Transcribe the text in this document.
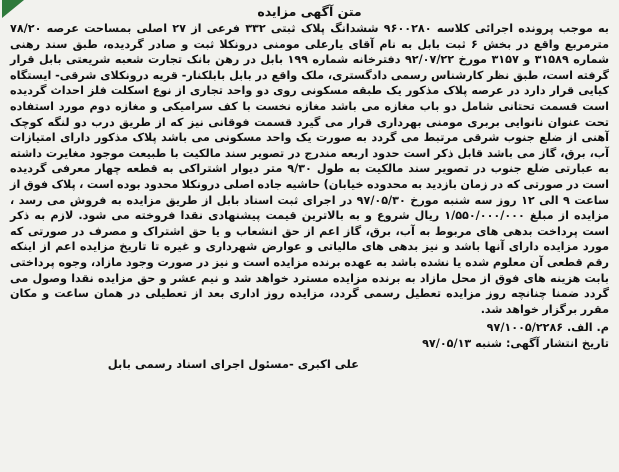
متن آگهی مزایده

به موجب پرونده اجرائی کلاسه ۹۶۰۰۲۸۰ ششدانگ پلاک ثبتی ۳۳۲ فرعی از ۲۷ اصلی بمساحت عرصه ۷۸/۲۰ مترمربع واقع در بخش ۶ ثبت بابل به نام آقای یارعلی مومنی درونکلا ثبت و صادر گردیده، طبق سند رهنی شماره ۳۱۵۸۹ و ۳۱۵۷ مورخ ۹۲/۰۷/۲۲ دفترخانه شماره ۱۹۹ بابل در رهن بانک تجارت شعبه شریعتی بابل قرار گرفته است، طبق نظر کارشناس رسمی دادگستری، ملک واقع در بابل بابلکنار- قریه درونکلای شرقی- ایستگاه کیایی قرار دارد در عرصه پلاک مذکور یک طبقه مسکونی روی دو واحد تجاری از نوع اسکلت فلز احداث گردیده است قسمت تحتانی شامل دو باب مغازه می باشد مغازه نخست با کف سرامیکی و مغازه دوم مورد استفاده تحت عنوان نانوایی بربری مومنی بهرداری قرار می گیرد قسمت فوقانی نیز که از طریق درب دو لنگه کوچک آهنی از ضلع جنوب شرقی مرتبط می گردد به صورت یک واحد مسکونی می باشد پلاک مذکور دارای امتیازات آب، برق، گاز می باشد قابل ذکر است حدود اربعه مندرج در تصویر سند مالکیت با طبیعت موجود مغایرت داشته به عبارتی ضلع جنوب در تصویر سند مالکیت به طول ۹/۳۰ متر دیوار اشتراکی به قطعه چهار معرفی گردیده است در صورتی که در زمان بازدید به محدوده خیابان) حاشیه جاده اصلی درونکلا محدود بوده است ، پلاک فوق از ساعت ۹ الی ۱۲ روز سه شنبه مورخ ۹۷/۰۵/۳۰ در اجرای ثبت اسناد بابل از طریق مزایده به فروش می رسد ، مزایده از مبلغ ۱/۵۵۰/۰۰۰/۰۰۰ ریال شروع و به بالاترین قیمت پیشنهادی نقدا فروخته می شود. لازم به ذکر است پرداخت بدهی های مربوط به آب، برق، گاز اعم از حق انشعاب و یا حق اشتراک و مصرف در صورتی که مورد مزایده دارای آنها باشد و نیز بدهی های مالیاتی و عوارض شهرداری و غیره تا تاریخ مزایده اعم از اینکه رقم قطعی آن معلوم شده یا نشده باشد به عهده برنده مزایده است و نیز در صورت وجود مازاد، وجوه پرداختی بابت هزینه های فوق از محل مازاد به برنده مزایده مسترد خواهد شد و نیم عشر و حق مزایده نقدا وصول می گردد ضمنا چنانچه روز مزایده تعطیل رسمی گردد، مزایده روز اداری بعد از تعطیلی در همان ساعت و مکان مقرر برگزار خواهد شد.

م. الف. ۹۷/۱۰۰۵/۲۲۸۶
تاریخ انتشار آگهی: شنبه ۹۷/۰۵/۱۳
علی اکبری -مسئول اجرای اسناد رسمی بابل
